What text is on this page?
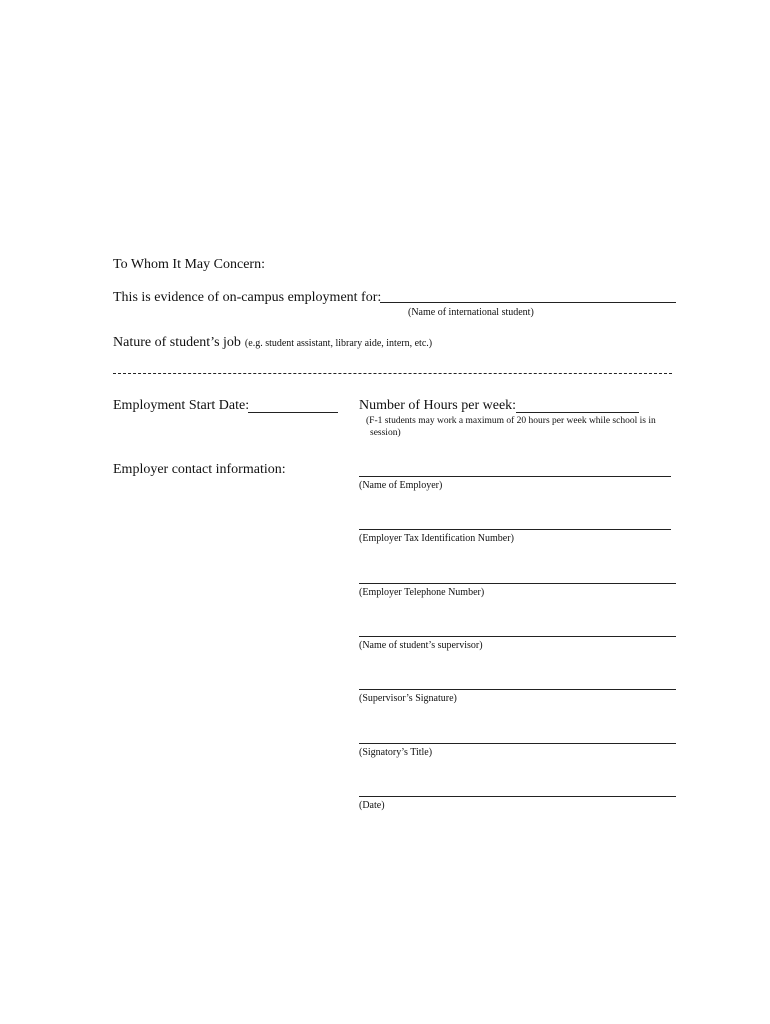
To Whom It May Concern:
This is evidence of on-campus employment for:
(Name of international student)
Nature of student’s job (e.g. student assistant, library aide, intern, etc.)
Employment Start Date:	Number of Hours per week:
(F-1 students may work a maximum of 20 hours per week while school is in
session)
Employer contact information:
(Name of Employer)
(Employer Tax Identification Number)
(Employer Telephone Number)
(Name of student’s supervisor)
(Supervisor’s Signature)
(Signatory’s Title)
(Date)
